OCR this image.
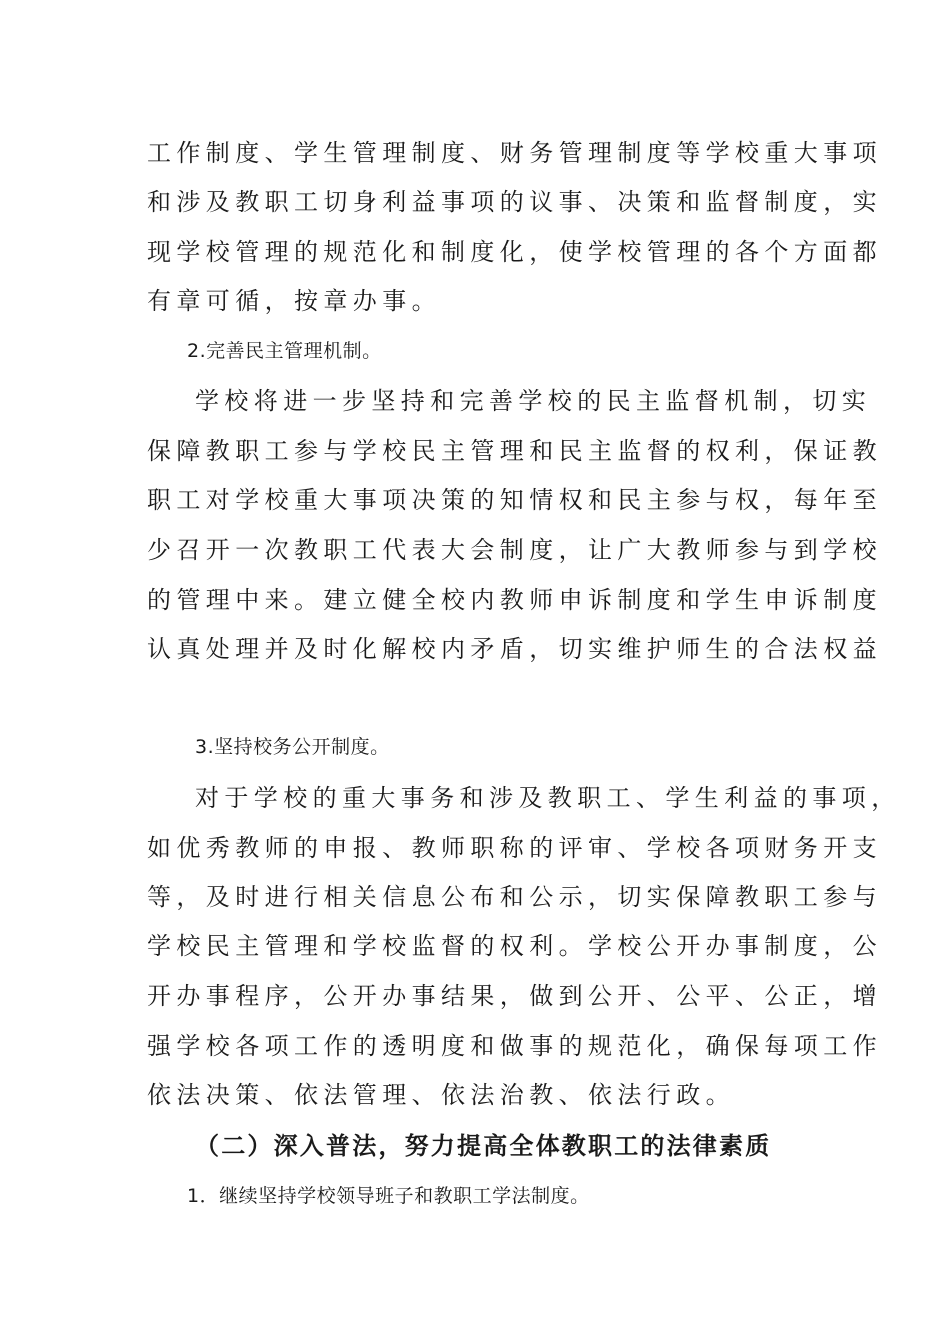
工作制度、学生管理制度、财务管理制度等学校重大事项
和涉及教职工切身利益事项的议事、决策和监督制度，实
现学校管理的规范化和制度化，使学校管理的各个方面都
有章可循，按章办事。
2.完善民主管理机制。
学校将进一步坚持和完善学校的民主监督机制，切实
保障教职工参与学校民主管理和民主监督的权利，保证教
职工对学校重大事项决策的知情权和民主参与权，每年至
少召开一次教职工代表大会制度，让广大教师参与到学校
的管理中来。建立健全校内教师申诉制度和学生申诉制度
认真处理并及时化解校内矛盾，切实维护师生的合法权益
3.坚持校务公开制度。
对于学校的重大事务和涉及教职工、学生利益的事项，
如优秀教师的申报、教师职称的评审、学校各项财务开支
等，及时进行相关信息公布和公示，切实保障教职工参与
学校民主管理和学校监督的权利。学校公开办事制度，公
开办事程序，公开办事结果，做到公开、公平、公正，增
强学校各项工作的透明度和做事的规范化，确保每项工作
依法决策、依法管理、依法治教、依法行政。
（二）深入普法，努力提高全体教职工的法律素质
1．继续坚持学校领导班子和教职工学法制度。
